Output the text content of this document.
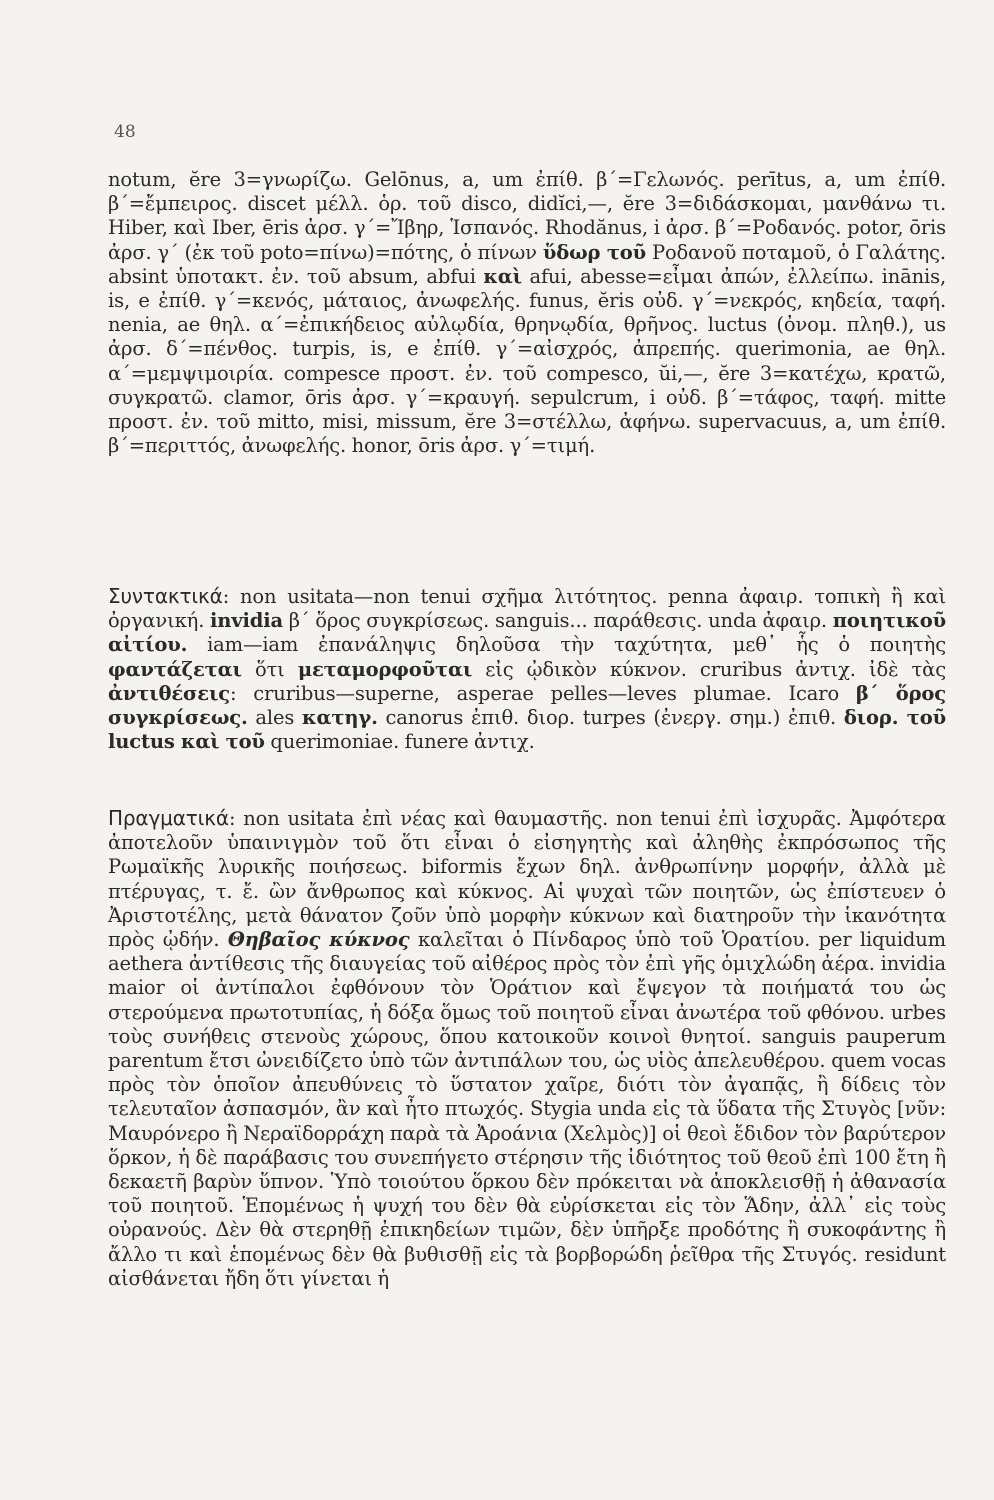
48
notum, ĕre 3=γνωρίζω. Gelōnus, a, um ἐπίθ. β΄=Γελωνός. perītus, a, um ἐπίθ. β΄=ἔμπειρος. discet μέλλ. ὁρ. τοῦ disco, didĭci,—, ĕre 3=διδάσκομαι, μανθάνω τι. Hiber, καὶ Iber, ēris ἀρσ. γ΄=Ἴβηρ, Ἱσπανός. Rhodănus, i ἀρσ. β΄=Ροδανός. potor, ōris ἀρσ. γ΄ (ἐκ τοῦ poto=πίνω)=πότης, ὁ πίνων ὕδωρ τοῦ Ροδανοῦ ποταμοῦ, ὁ Γαλάτης. absint ὑποτακτ. ἐν. τοῦ absum, abfui καὶ afui, abesse=εἶμαι ἀπών, ἐλλείπω. inānis, is, e ἐπίθ. γ΄=κενός, μάταιος, ἀνωφελής. funus, ĕris οὐδ. γ΄=νεκρός, κηδεία, ταφή. nenia, ae θηλ. α΄=ἐπικήδειος αὐλῳδία, θρηνῳδία, θρῆνος. luctus (ὀνομ. πληθ.), us ἀρσ. δ΄=πένθος. turpis, is, e ἐπίθ. γ΄=αἰσχρός, ἀπρεπής. querimonia, ae θηλ. α΄=μεμψιμοιρία. compesce προστ. ἐν. τοῦ compesco, ŭi,—, ĕre 3=κατέχω, κρατῶ, συγκρατῶ. clamor, ōris ἀρσ. γ΄=κραυγή. sepulcrum, i οὐδ. β΄=τάφος, ταφή. mitte προστ. ἐν. τοῦ mitto, misi, missum, ĕre 3=στέλλω, ἀφήνω. supervacuus, a, um ἐπίθ. β΄=περιττός, ἀνωφελής. honor, ōris ἀρσ. γ΄=τιμή.
Συντακτικά: non usitata—non tenui σχῆμα λιτότητος. penna ἀφαιρ. τοπικὴ ἢ καὶ ὀργανική. invidia β΄ ὅρος συγκρίσεως. sanguis... παράθεσις. unda ἀφαιρ. ποιητικοῦ αἰτίου. iam—iam ἐπανάληψις δηλοῦσα τὴν ταχύτητα, μεθ᾽ ἧς ὁ ποιητὴς φαντάζεται ὅτι μεταμορφοῦται εἰς ᾠδικὸν κύκνον. cruribus ἀντιχ. ἰδὲ τὰς ἀντιθέσεις: cruribus—superne, asperae pelles—leves plumae. Icaro β΄ ὅρος συγκρίσεως. ales κατηγ. canorus ἐπιθ. διορ. turpes (ἐνεργ. σημ.) ἐπιθ. διορ. τοῦ luctus καὶ τοῦ querimoniae. funere ἀντιχ.
Πραγματικά: non usitata ἐπὶ νέας καὶ θαυμαστῆς. non tenui ἐπὶ ἰσχυρᾶς. Ἀμφότερα ἀποτελοῦν ὑπαινιγμὸν τοῦ ὅτι εἶναι ὁ εἰσηγητὴς καὶ ἀληθὴς ἐκπρόσωπος τῆς Ρωμαϊκῆς λυρικῆς ποιήσεως. biformis ἔχων δηλ. ἀνθρωπίνην μορφήν, ἀλλὰ μὲ πτέρυγας, τ. ἔ. ὢν ἄνθρωπος καὶ κύκνος. Αἱ ψυχαὶ τῶν ποιητῶν, ὡς ἐπίστευεν ὁ Ἀριστοτέλης, μετὰ θάνατον ζοῦν ὑπὸ μορφὴν κύκνων καὶ διατηροῦν τὴν ἱκανότητα πρὸς ᾠδήν. Θηβαῖος κύκνος καλεῖται ὁ Πίνδαρος ὑπὸ τοῦ Ὁρατίου. per liquidum aethera ἀντίθεσις τῆς διαυγείας τοῦ αἰθέρος πρὸς τὸν ἐπὶ γῆς ὁμιχλώδη ἀέρα. invidia maior οἱ ἀντίπαλοι ἐφθόνουν τὸν Ὁράτιον καὶ ἔψεγον τὰ ποιήματά του ὡς στερούμενα πρωτοτυπίας, ἡ δόξα ὅμως τοῦ ποιητοῦ εἶναι ἀνωτέρα τοῦ φθόνου. urbes τοὺς συνήθεις στενοὺς χώρους, ὅπου κατοικοῦν κοινοὶ θνητοί. sanguis pauperum parentum ἔτσι ὠνειδίζετο ὑπὸ τῶν ἀντιπάλων του, ὡς υἱὸς ἀπελευθέρου. quem vocas πρὸς τὸν ὁποῖον ἀπευθύνεις τὸ ὕστατον χαῖρε, διότι τὸν ἀγαπᾷς, ἢ δίδεις τὸν τελευταῖον ἀσπασμόν, ἂν καὶ ἦτο πτωχός. Stygia unda εἰς τὰ ὕδατα τῆς Στυγὸς [νῦν: Μαυρόνερο ἢ Νεραϊδορράχη παρὰ τὰ Ἀροάνια (Χελμὸς)] οἱ θεοὶ ἔδιδον τὸν βαρύτερον ὅρκον, ἡ δὲ παράβασις του συνεπήγετο στέρησιν τῆς ἰδιότητος τοῦ θεοῦ ἐπὶ 100 ἔτη ἢ δεκαετῆ βαρὺν ὕπνον. Ὑπὸ τοιούτου ὅρκου δὲν πρόκειται νὰ ἀποκλεισθῇ ἡ ἀθανασία τοῦ ποιητοῦ. Ἑπομένως ἡ ψυχή του δὲν θὰ εὑρίσκεται εἰς τὸν Ἅδην, ἀλλ᾽ εἰς τοὺς οὐρανούς. Δὲν θὰ στερηθῇ ἐπικηδείων τιμῶν, δὲν ὑπῆρξε προδότης ἢ συκοφάντης ἢ ἄλλο τι καὶ ἑπομένως δὲν θὰ βυθισθῇ εἰς τὰ βορβορώδη ῥεῖθρα τῆς Στυγός. residunt αἰσθάνεται ἤδη ὅτι γίνεται ἡ
